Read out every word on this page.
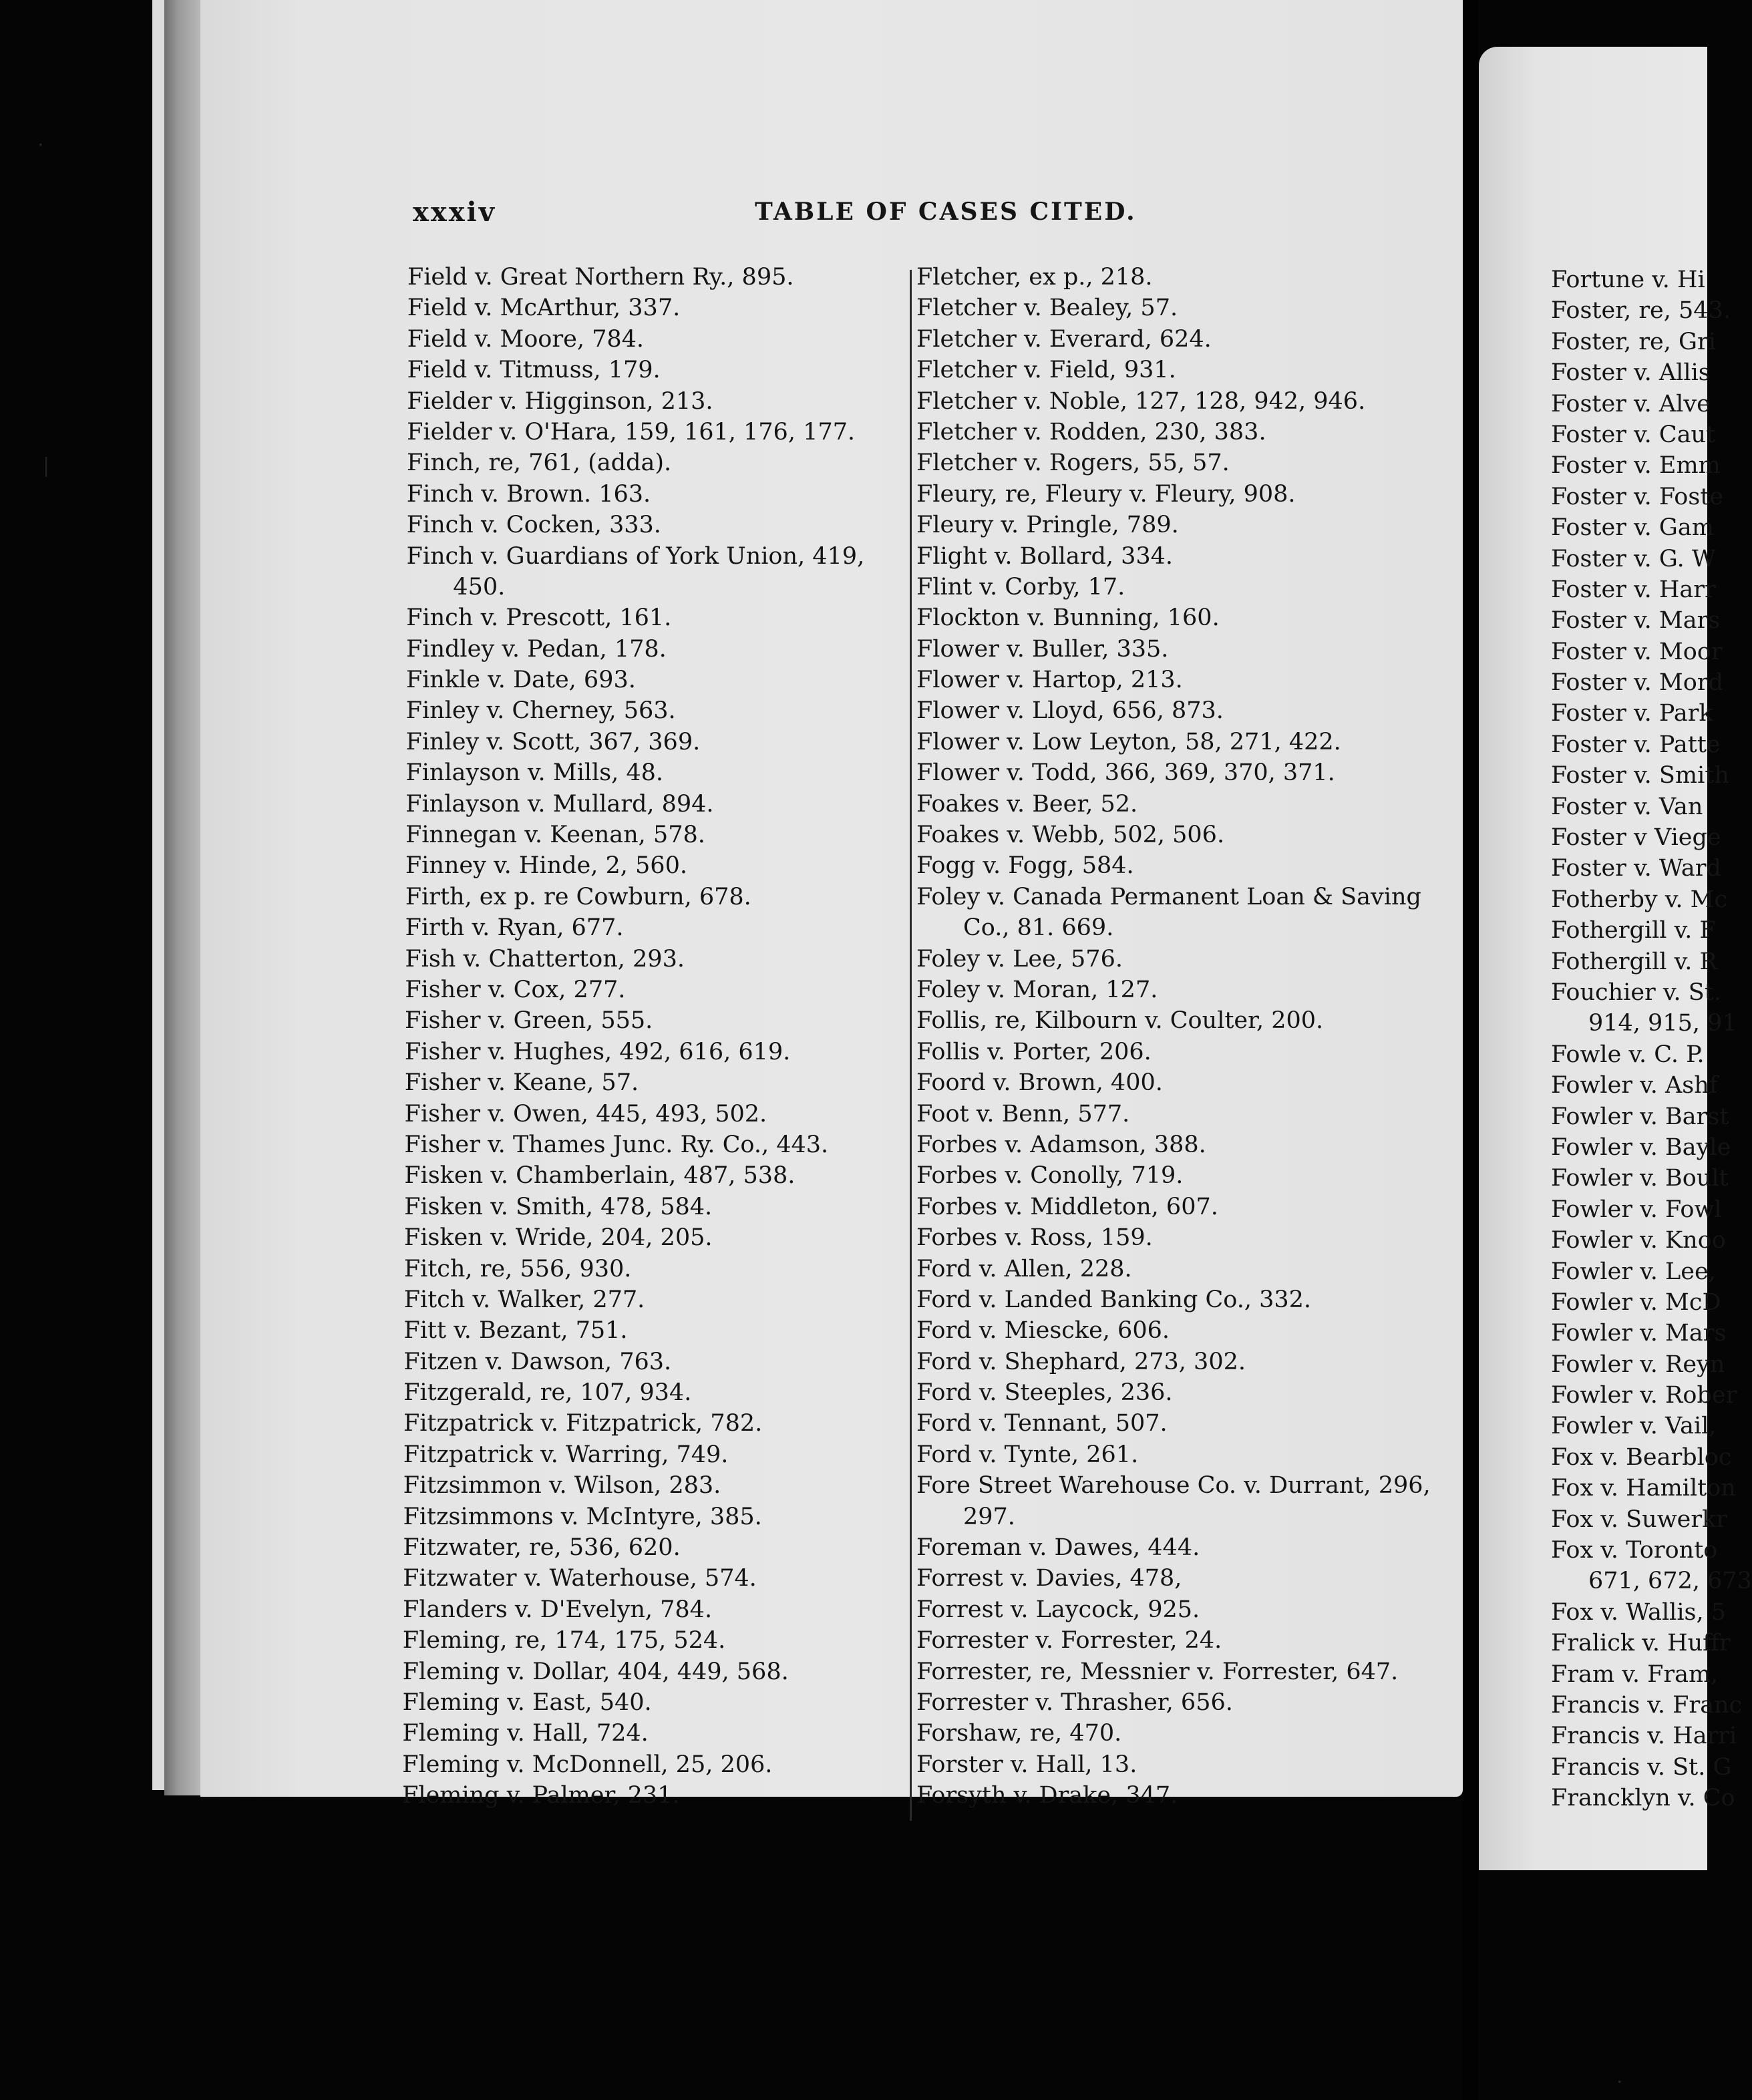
Fortune v. Hi
Foster, re, 543.
Foster, re, Gri
Foster v. Allis
Foster v. Alve
Foster v. Caut
Foster v. Emm
Foster v. Foste
Foster v. Gam
Foster v. G. W
Foster v. Harr
Foster v. Mars
Foster v. Moor
Foster v. Mord
Foster v. Park
Foster v. Patte
Foster v. Smith
Foster v. Van
Foster v Viege
Foster v. Ward
Fotherby v. Mc
Fothergill v. F
Fothergill v. R
Fouchier v. St.
914, 915, 91
Fowle v. C. P.
Fowler v. Ashf
Fowler v. Barst
Fowler v. Bayle
Fowler v. Boult
Fowler v. Fowl
Fowler v. Knoo
Fowler v. Lee,
Fowler v. McD
Fowler v. Mars
Fowler v. Reyn
Fowler v. Rober
Fowler v. Vail,
Fox v. Bearbloc
Fox v. Hamilton
Fox v. Suwerkr
Fox v. Toronto
671, 672, 673
Fox v. Wallis, 5
Fralick v. Huffr
Fram v. Fram,
Francis v. Franc
Francis v. Harri
Francis v. St. G
Francklyn v. Co
xxxiv	TABLE OF CASES CITED.
Field v. Great Northern Ry., 895.
Field v. McArthur, 337.
Field v. Moore, 784.
Field v. Titmuss, 179.
Fielder v. Higginson, 213.
Fielder v. O'Hara, 159, 161, 176, 177.
Finch, re, 761, (adda).
Finch v. Brown. 163.
Finch v. Cocken, 333.
Finch v. Guardians of York Union, 419,
450.
Finch v. Prescott, 161.
Findley v. Pedan, 178.
Finkle v. Date, 693.
Finley v. Cherney, 563.
Finley v. Scott, 367, 369.
Finlayson v. Mills, 48.
Finlayson v. Mullard, 894.
Finnegan v. Keenan, 578.
Finney v. Hinde, 2, 560.
Firth, ex p. re Cowburn, 678.
Firth v. Ryan, 677.
Fish v. Chatterton, 293.
Fisher v. Cox, 277.
Fisher v. Green, 555.
Fisher v. Hughes, 492, 616, 619.
Fisher v. Keane, 57.
Fisher v. Owen, 445, 493, 502.
Fisher v. Thames Junc. Ry. Co., 443.
Fisken v. Chamberlain, 487, 538.
Fisken v. Smith, 478, 584.
Fisken v. Wride, 204, 205.
Fitch, re, 556, 930.
Fitch v. Walker, 277.
Fitt v. Bezant, 751.
Fitzen v. Dawson, 763.
Fitzgerald, re, 107, 934.
Fitzpatrick v. Fitzpatrick, 782.
Fitzpatrick v. Warring, 749.
Fitzsimmon v. Wilson, 283.
Fitzsimmons v. McIntyre, 385.
Fitzwater, re, 536, 620.
Fitzwater v. Waterhouse, 574.
Flanders v. D'Evelyn, 784.
Fleming, re, 174, 175, 524.
Fleming v. Dollar, 404, 449, 568.
Fleming v. East, 540.
Fleming v. Hall, 724.
Fleming v. McDonnell, 25, 206.
Fleming v. Palmer, 231.
Fletcher, ex p., 218.
Fletcher v. Bealey, 57.
Fletcher v. Everard, 624.
Fletcher v. Field, 931.
Fletcher v. Noble, 127, 128, 942, 946.
Fletcher v. Rodden, 230, 383.
Fletcher v. Rogers, 55, 57.
Fleury, re, Fleury v. Fleury, 908.
Fleury v. Pringle, 789.
Flight v. Bollard, 334.
Flint v. Corby, 17.
Flockton v. Bunning, 160.
Flower v. Buller, 335.
Flower v. Hartop, 213.
Flower v. Lloyd, 656, 873.
Flower v. Low Leyton, 58, 271, 422.
Flower v. Todd, 366, 369, 370, 371.
Foakes v. Beer, 52.
Foakes v. Webb, 502, 506.
Fogg v. Fogg, 584.
Foley v. Canada Permanent Loan & Saving
Co., 81. 669.
Foley v. Lee, 576.
Foley v. Moran, 127.
Follis, re, Kilbourn v. Coulter, 200.
Follis v. Porter, 206.
Foord v. Brown, 400.
Foot v. Benn, 577.
Forbes v. Adamson, 388.
Forbes v. Conolly, 719.
Forbes v. Middleton, 607.
Forbes v. Ross, 159.
Ford v. Allen, 228.
Ford v. Landed Banking Co., 332.
Ford v. Miescke, 606.
Ford v. Shephard, 273, 302.
Ford v. Steeples, 236.
Ford v. Tennant, 507.
Ford v. Tynte, 261.
Fore Street Warehouse Co. v. Durrant, 296,
297.
Foreman v. Dawes, 444.
Forrest v. Davies, 478,
Forrest v. Laycock, 925.
Forrester v. Forrester, 24.
Forrester, re, Messnier v. Forrester, 647.
Forrester v. Thrasher, 656.
Forshaw, re, 470.
Forster v. Hall, 13.
Forsyth v. Drake, 347.
·
|
·
